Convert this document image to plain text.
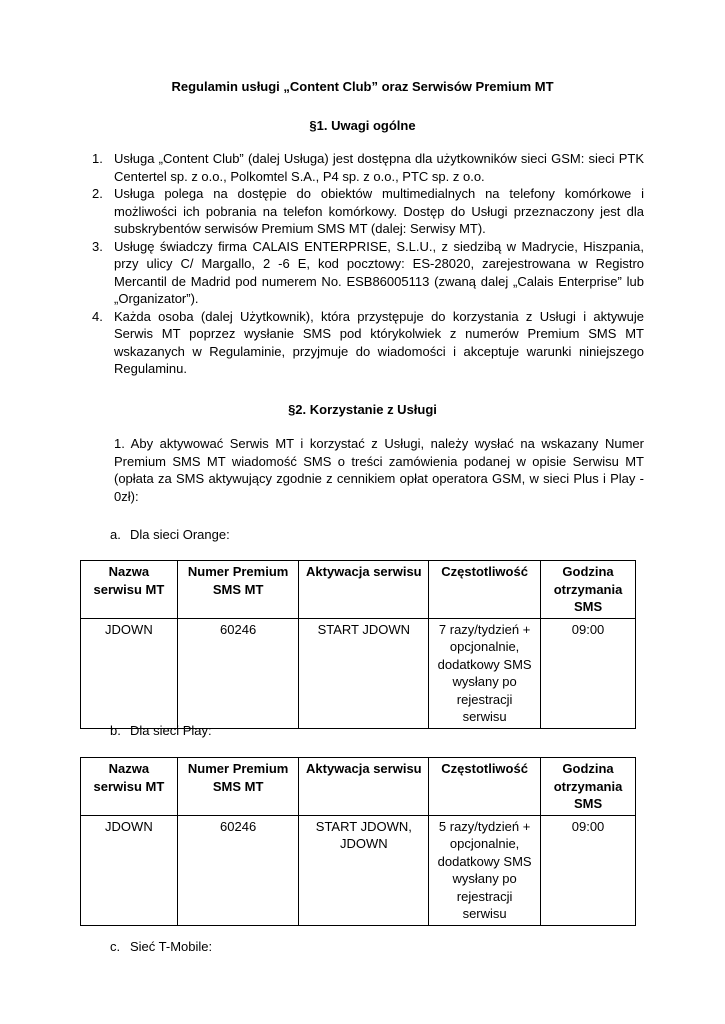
Regulamin usługi „Content Club” oraz Serwisów Premium MT
§1. Uwagi ogólne
1. Usługa „Content Club” (dalej Usługa) jest dostępna dla użytkowników sieci GSM: sieci PTK Centertel sp. z o.o., Polkomtel S.A., P4 sp. z o.o., PTC sp. z o.o.
2. Usługa polega na dostępie do obiektów multimedialnych na telefony komórkowe i możliwości ich pobrania na telefon komórkowy. Dostęp do Usługi przeznaczony jest dla subskrybentów serwisów Premium SMS MT (dalej: Serwisy MT).
3. Usługę świadczy firma CALAIS ENTERPRISE, S.L.U., z siedzibą w Madrycie, Hiszpania, przy ulicy C/ Margallo, 2 -6 E, kod pocztowy: ES-28020, zarejestrowana w Registro Mercantil de Madrid pod numerem No. ESB86005113 (zwaną dalej „Calais Enterprise” lub „Organizator”).
4. Każda osoba (dalej Użytkownik), która przystępuje do korzystania z Usługi i aktywuje Serwis MT poprzez wysłanie SMS pod którykolwiek z numerów Premium SMS MT wskazanych w Regulaminie, przyjmuje do wiadomości i akceptuje warunki niniejszego Regulaminu.
§2. Korzystanie z Usługi

1. Aby aktywować Serwis MT i korzystać z Usługi, należy wysłać na wskazany Numer Premium SMS MT wiadomość SMS o treści zamówienia podanej w opisie Serwisu MT (opłata za SMS aktywujący zgodnie z cennikiem opłat operatora GSM, w sieci Plus i Play - 0zł):

a. Dla sieci Orange:
Nazwa serwisu MT	Numer Premium SMS MT	Aktywacja serwisu	Częstotliwość	Godzina otrzymania SMS
JDOWN	60246	START JDOWN	7 razy/tydzień + opcjonalnie, dodatkowy SMS wysłany po rejestracji serwisu	09:00
b. Dla sieci Play:
Nazwa serwisu MT	Numer Premium SMS MT	Aktywacja serwisu	Częstotliwość	Godzina otrzymania SMS
JDOWN	60246	START JDOWN, JDOWN	5 razy/tydzień + opcjonalnie, dodatkowy SMS wysłany po rejestracji serwisu	09:00
c. Sieć T-Mobile:
